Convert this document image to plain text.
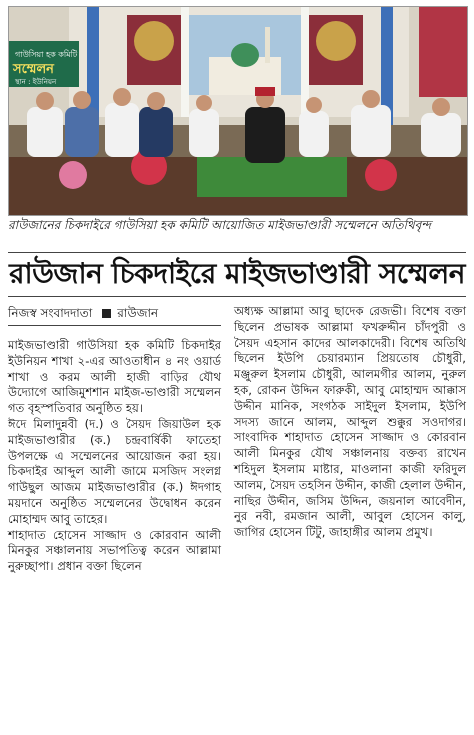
গাউসিয়া হক কমিটি
সম্মেলন
স্থান : ইউনিয়ন
রাউজানের চিকদাইরে গাউসিয়া হক কমিটি আয়োজিত মাইজভাণ্ডারী সম্মেলনে অতিথিবৃন্দ
রাউজান চিকদাইরে মাইজভাণ্ডারী সম্মেলন
নিজস্ব সংবাদদাতা রাউজান

মাইজভাণ্ডারী গাউসিয়া হক কমিটি চিকদাইর ইউনিয়ন শাখা ২-এর আওতাধীন ৪ নং ওয়ার্ড শাখা ও করম আলী হাজী বাড়ির যৌথ উদ্যোগে আজিমুশশান মাইজ-ভাণ্ডারী সম্মেলন গত বৃহস্পতিবার অনুষ্ঠিত হয়।

ঈদে মিলাদুন্নবী (দ.) ও সৈয়দ জিয়াউল হক মাইজভাণ্ডারীর (ক.) চন্দ্রবার্ষিকী ফাতেহা উপলক্ষে এ সম্মেলনের আয়োজন করা হয়। চিকদাইর আব্দুল আলী জামে মসজিদ সংলগ্ন গাউছুল আজম মাইজভাণ্ডারীর (ক.) ঈদগাহ ময়দানে অনুষ্ঠিত সম্মেলনের উদ্বোধন করেন মোহাম্মদ আবু তাহের।

শাহাদাত হোসেন সাজ্জাদ ও কোরবান আলী মিনকুর সঞ্চালনায় সভাপতিত্ব করেন আল্লামা নুরুচ্ছাপা। প্রধান বক্তা ছিলেন

অধ্যক্ষ আল্লামা আবু ছাদেক রেজভী। বিশেষ বক্তা ছিলেন প্রভাষক আল্লামা ফখরুদ্দীন চাঁদপুরী ও সৈয়দ এহসান কাদের আলকাদেরী। বিশেষ অতিথি ছিলেন ইউপি চেয়ারম্যান প্রিয়তোষ চৌধুরী, মঞ্জুরুল ইসলাম চৌধুরী, আলমগীর আলম, নুরুল হক, রোকন উদ্দিন ফারুকী, আবু মোহাম্মদ আক্কাস উদ্দীন মানিক, সংগঠক সাইদুল ইসলাম, ইউপি সদস্য জানে আলম, আব্দুল শুক্কুর সওদাগর। সাংবাদিক শাহাদাত হোসেন সাজ্জাদ ও কোরবান আলী মিনকুর যৌথ সঞ্চালনায় বক্তব্য রাখেন শহিদুল ইসলাম মাষ্টার, মাওলানা কাজী ফরিদুল আলম, সৈয়দ তহসিন উদ্দীন, কাজী হেলাল উদ্দীন, নাছির উদ্দীন, জসিম উদ্দিন, জয়নাল আবেদীন, নুর নবী, রমজান আলী, আবুল হোসেন কালু, জাগির হোসেন টিটু, জাহাঙ্গীর আলম প্রমুখ।
